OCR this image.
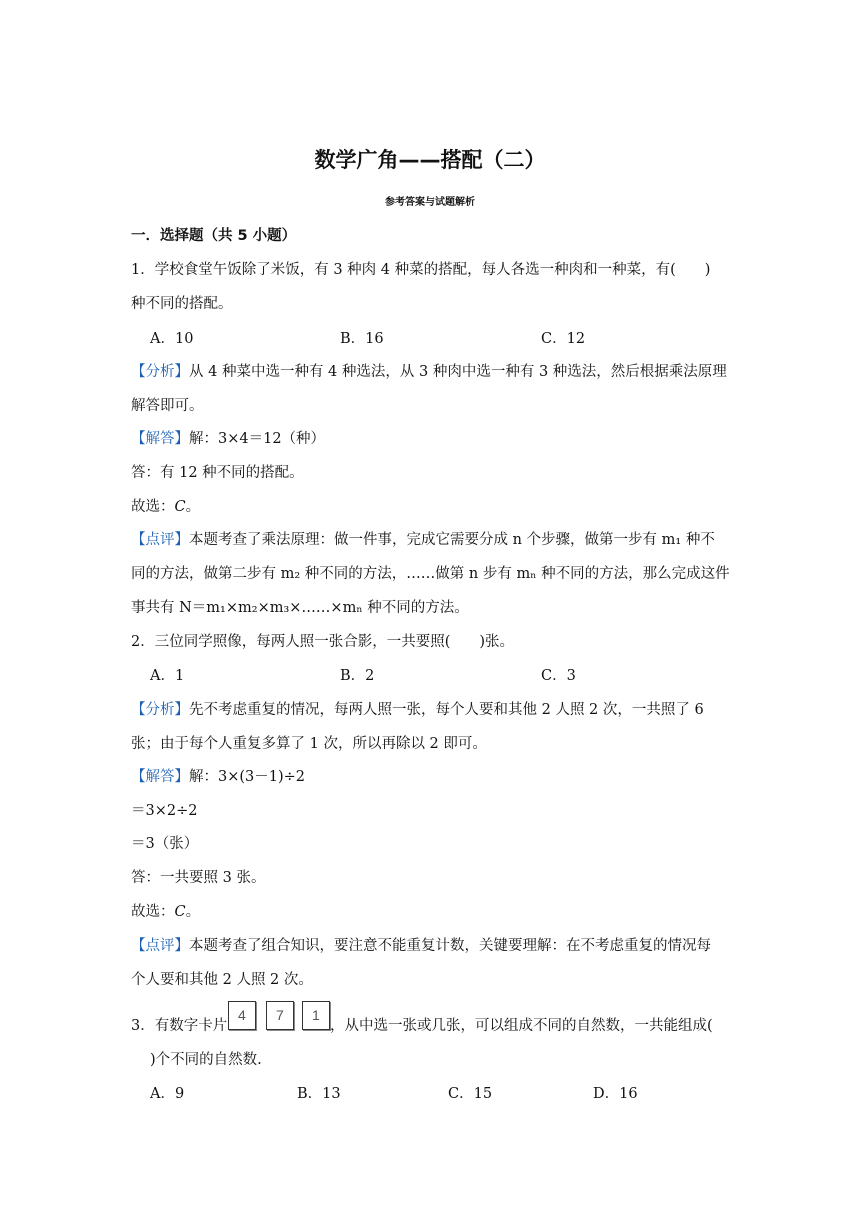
数学广角——搭配（二）
参考答案与试题解析
一．选择题（共 5 小题）
1．学校食堂午饭除了米饭，有 3 种肉 4 种菜的搭配，每人各选一种肉和一种菜，有(　　)
种不同的搭配。
A．10	B．16	C．12
【分析】从 4 种菜中选一种有 4 种选法，从 3 种肉中选一种有 3 种选法，然后根据乘法原理
解答即可。
【解答】解：3×4＝12（种）
答：有 12 种不同的搭配。
故选：C。
【点评】本题考查了乘法原理：做一件事，完成它需要分成 n 个步骤，做第一步有 m₁ 种不
同的方法，做第二步有 m₂ 种不同的方法，……做第 n 步有 mₙ 种不同的方法，那么完成这件
事共有 N＝m₁×m₂×m₃×……×mₙ 种不同的方法。
2．三位同学照像，每两人照一张合影，一共要照(　　)张。
A．1	B．2	C．3
【分析】先不考虑重复的情况，每两人照一张，每个人要和其他 2 人照 2 次，一共照了 6
张；由于每个人重复多算了 1 次，所以再除以 2 即可。
【解答】解：3×(3－1)÷2
＝3×2÷2
＝3（张）
答：一共要照 3 张。
故选：C。
【点评】本题考查了组合知识，要注意不能重复计数，关键要理解：在不考虑重复的情况每
个人要和其他 2 人照 2 次。
3．有数字卡片
4 7 1
，从中选一张或几张，可以组成不同的自然数，一共能组成(
)个不同的自然数.
A．9	B．13	C．15	D．16
